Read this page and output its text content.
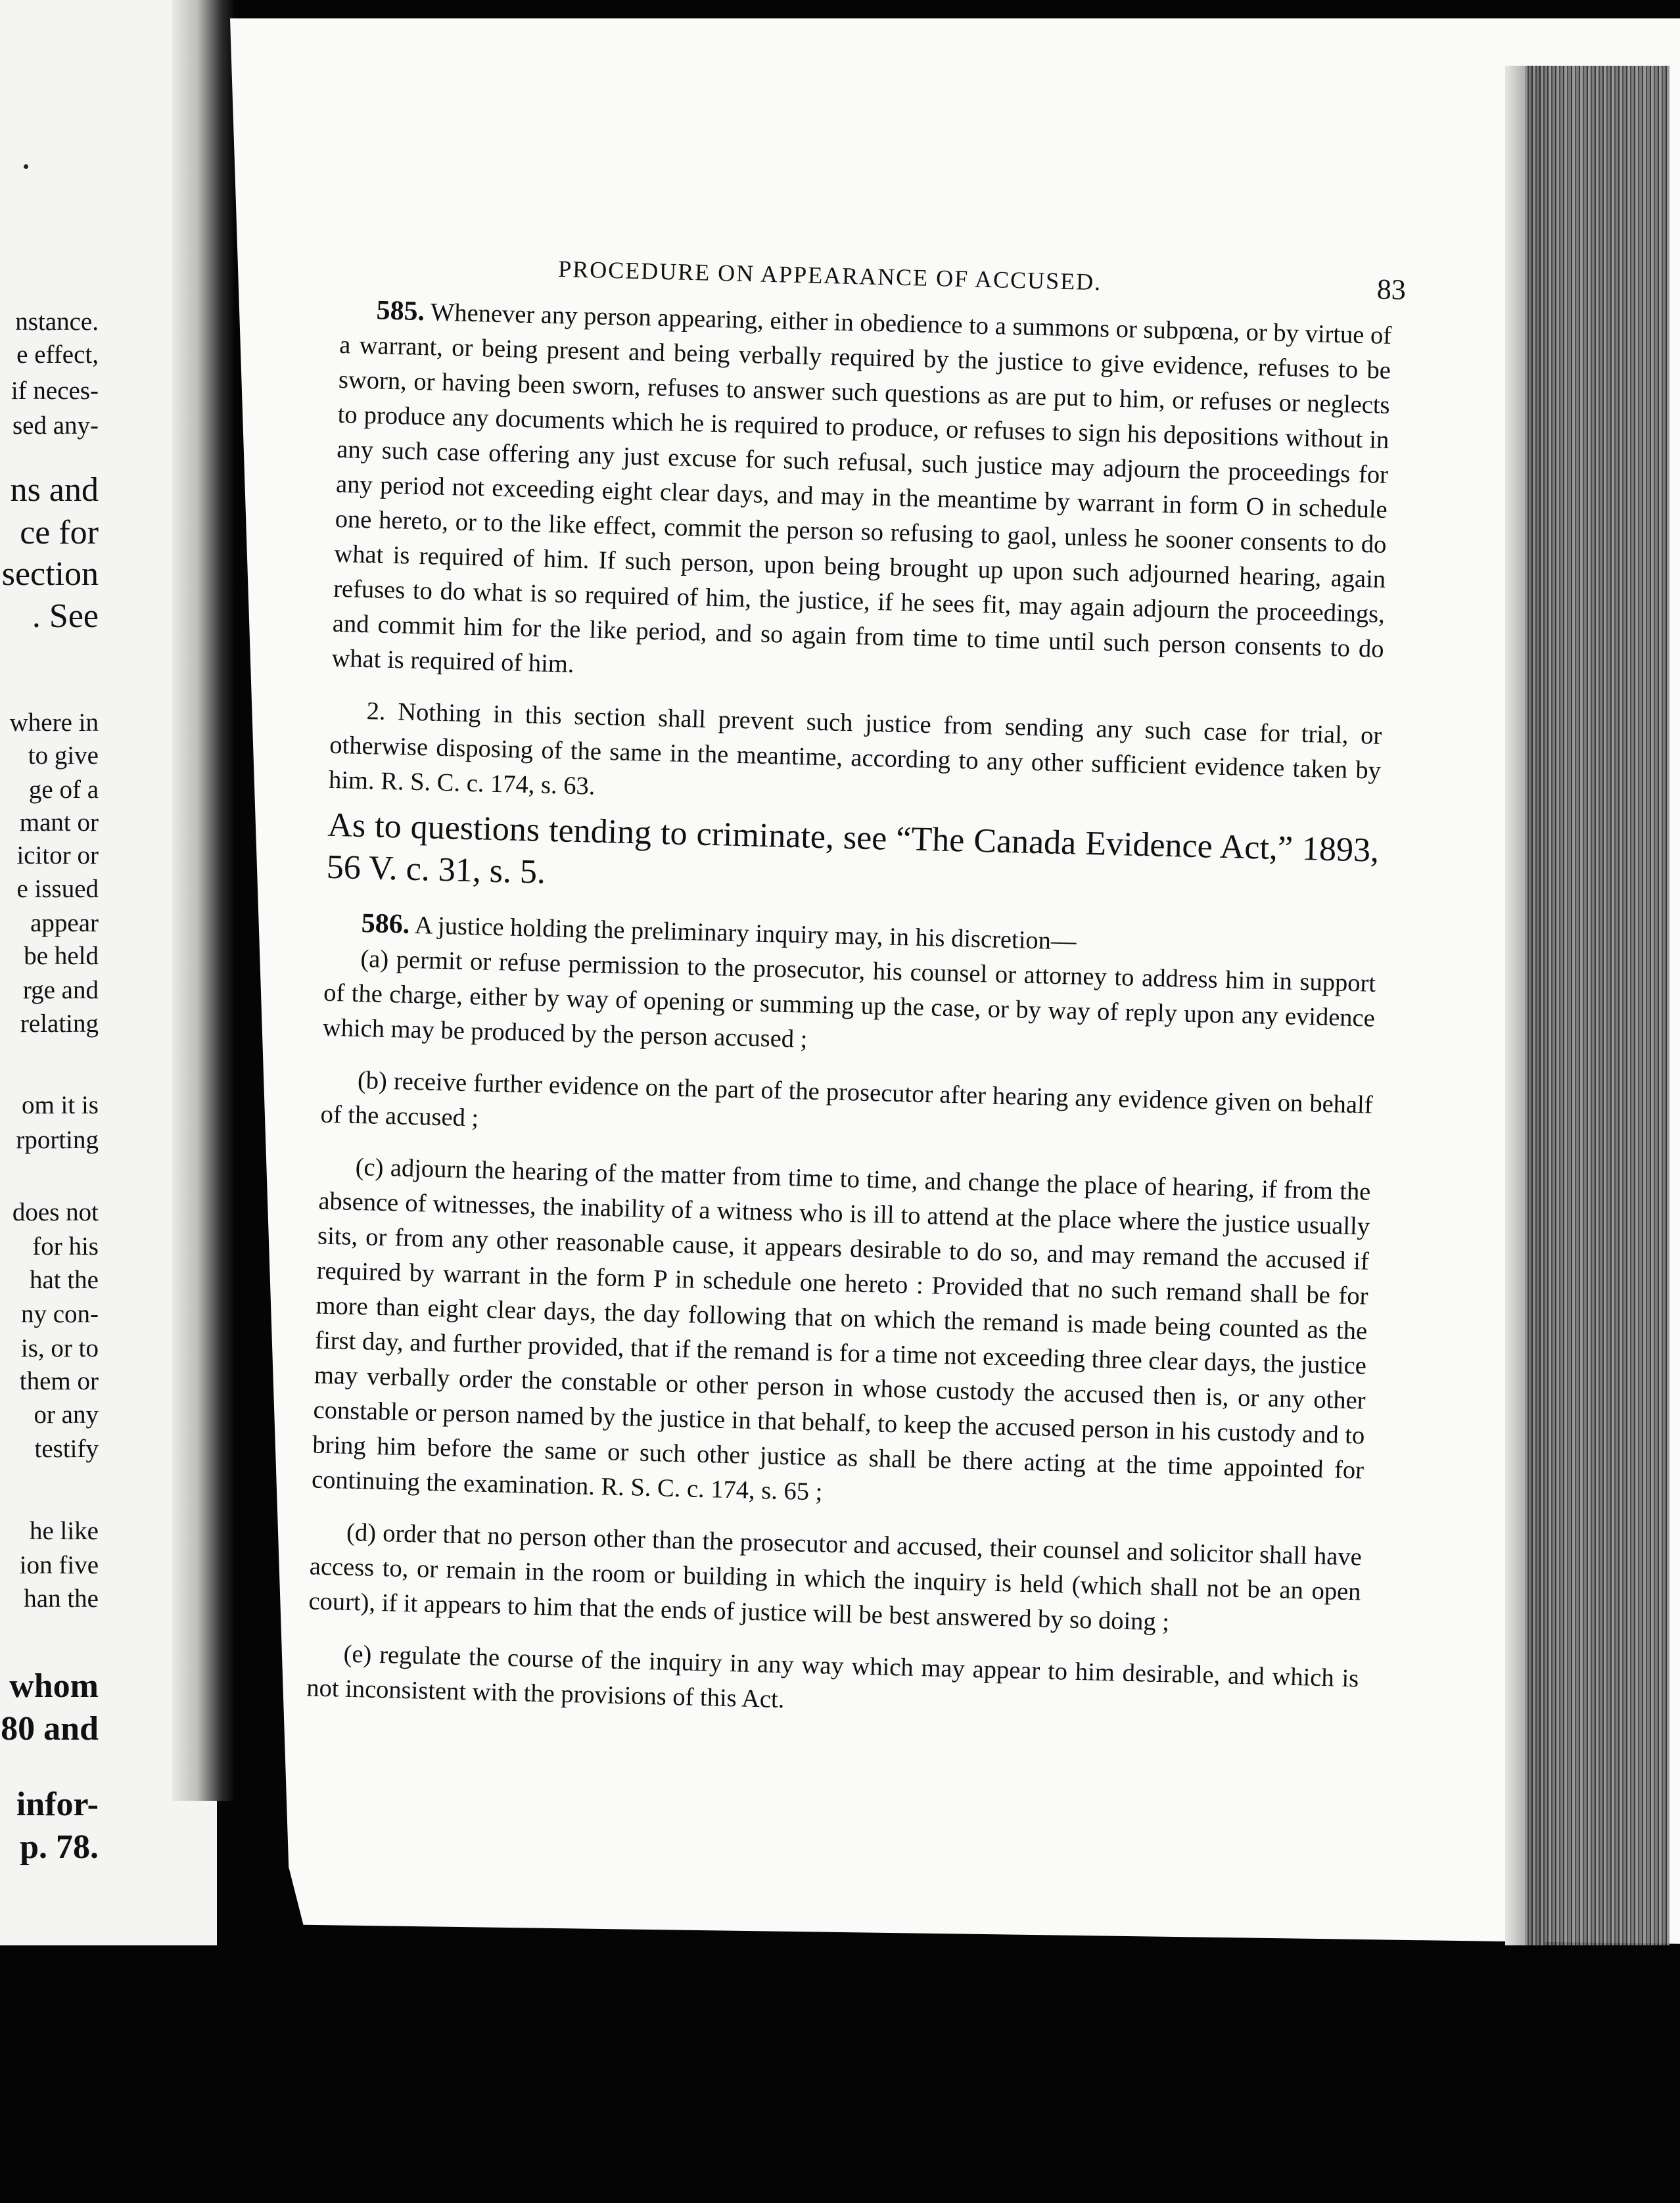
nstance.
e effect,
if neces-
sed any-
ns and
ce for
section
. See
where in
to give
ge of a
mant or
icitor or
e issued
appear
be held
rge and
relating
om it is
rporting
does not
for his
hat the
ny con-
is, or to
them or
or any
testify
he like
ion five
han the
whom
80 and
infor-
p. 78.
PROCEDURE ON APPEARANCE OF ACCUSED.	83

585. Whenever any person appearing, either in obedience to a summons or subpœna, or by virtue of a warrant, or being present and being verbally required by the justice to give evidence, refuses to be sworn, or having been sworn, refuses to answer such questions as are put to him, or refuses or neglects to produce any documents which he is required to produce, or refuses to sign his depositions without in any such case offering any just excuse for such refusal, such justice may adjourn the proceedings for any period not exceeding eight clear days, and may in the meantime by warrant in form O in schedule one hereto, or to the like effect, commit the person so refusing to gaol, unless he sooner consents to do what is required of him. If such person, upon being brought up upon such adjourned hearing, again refuses to do what is so required of him, the justice, if he sees fit, may again adjourn the proceedings, and commit him for the like period, and so again from time to time until such person consents to do what is required of him.

2. Nothing in this section shall prevent such justice from sending any such case for trial, or otherwise disposing of the same in the meantime, according to any other sufficient evidence taken by him. R. S. C. c. 174, s. 63.

As to questions tending to criminate, see “The Canada Evidence Act,” 1893, 56 V. c. 31, s. 5.

586. A justice holding the preliminary inquiry may, in his discretion—

(a) permit or refuse permission to the prosecutor, his counsel or attorney to address him in support of the charge, either by way of opening or summing up the case, or by way of reply upon any evidence which may be produced by the person accused ;

(b) receive further evidence on the part of the prosecutor after hearing any evidence given on behalf of the accused ;

(c) adjourn the hearing of the matter from time to time, and change the place of hearing, if from the absence of witnesses, the inability of a witness who is ill to attend at the place where the justice usually sits, or from any other reasonable cause, it appears desirable to do so, and may remand the accused if required by warrant in the form P in schedule one hereto : Provided that no such remand shall be for more than eight clear days, the day following that on which the remand is made being counted as the first day, and further provided, that if the remand is for a time not exceeding three clear days, the justice may verbally order the constable or other person in whose custody the accused then is, or any other constable or person named by the justice in that behalf, to keep the accused person in his custody and to bring him before the same or such other justice as shall be there acting at the time appointed for continuing the examination. R. S. C. c. 174, s. 65 ;

(d) order that no person other than the prosecutor and accused, their counsel and solicitor shall have access to, or remain in the room or building in which the inquiry is held (which shall not be an open court), if it appears to him that the ends of justice will be best answered by so doing ;

(e) regulate the course of the inquiry in any way which may appear to him desirable, and which is not inconsistent with the provisions of this Act.
